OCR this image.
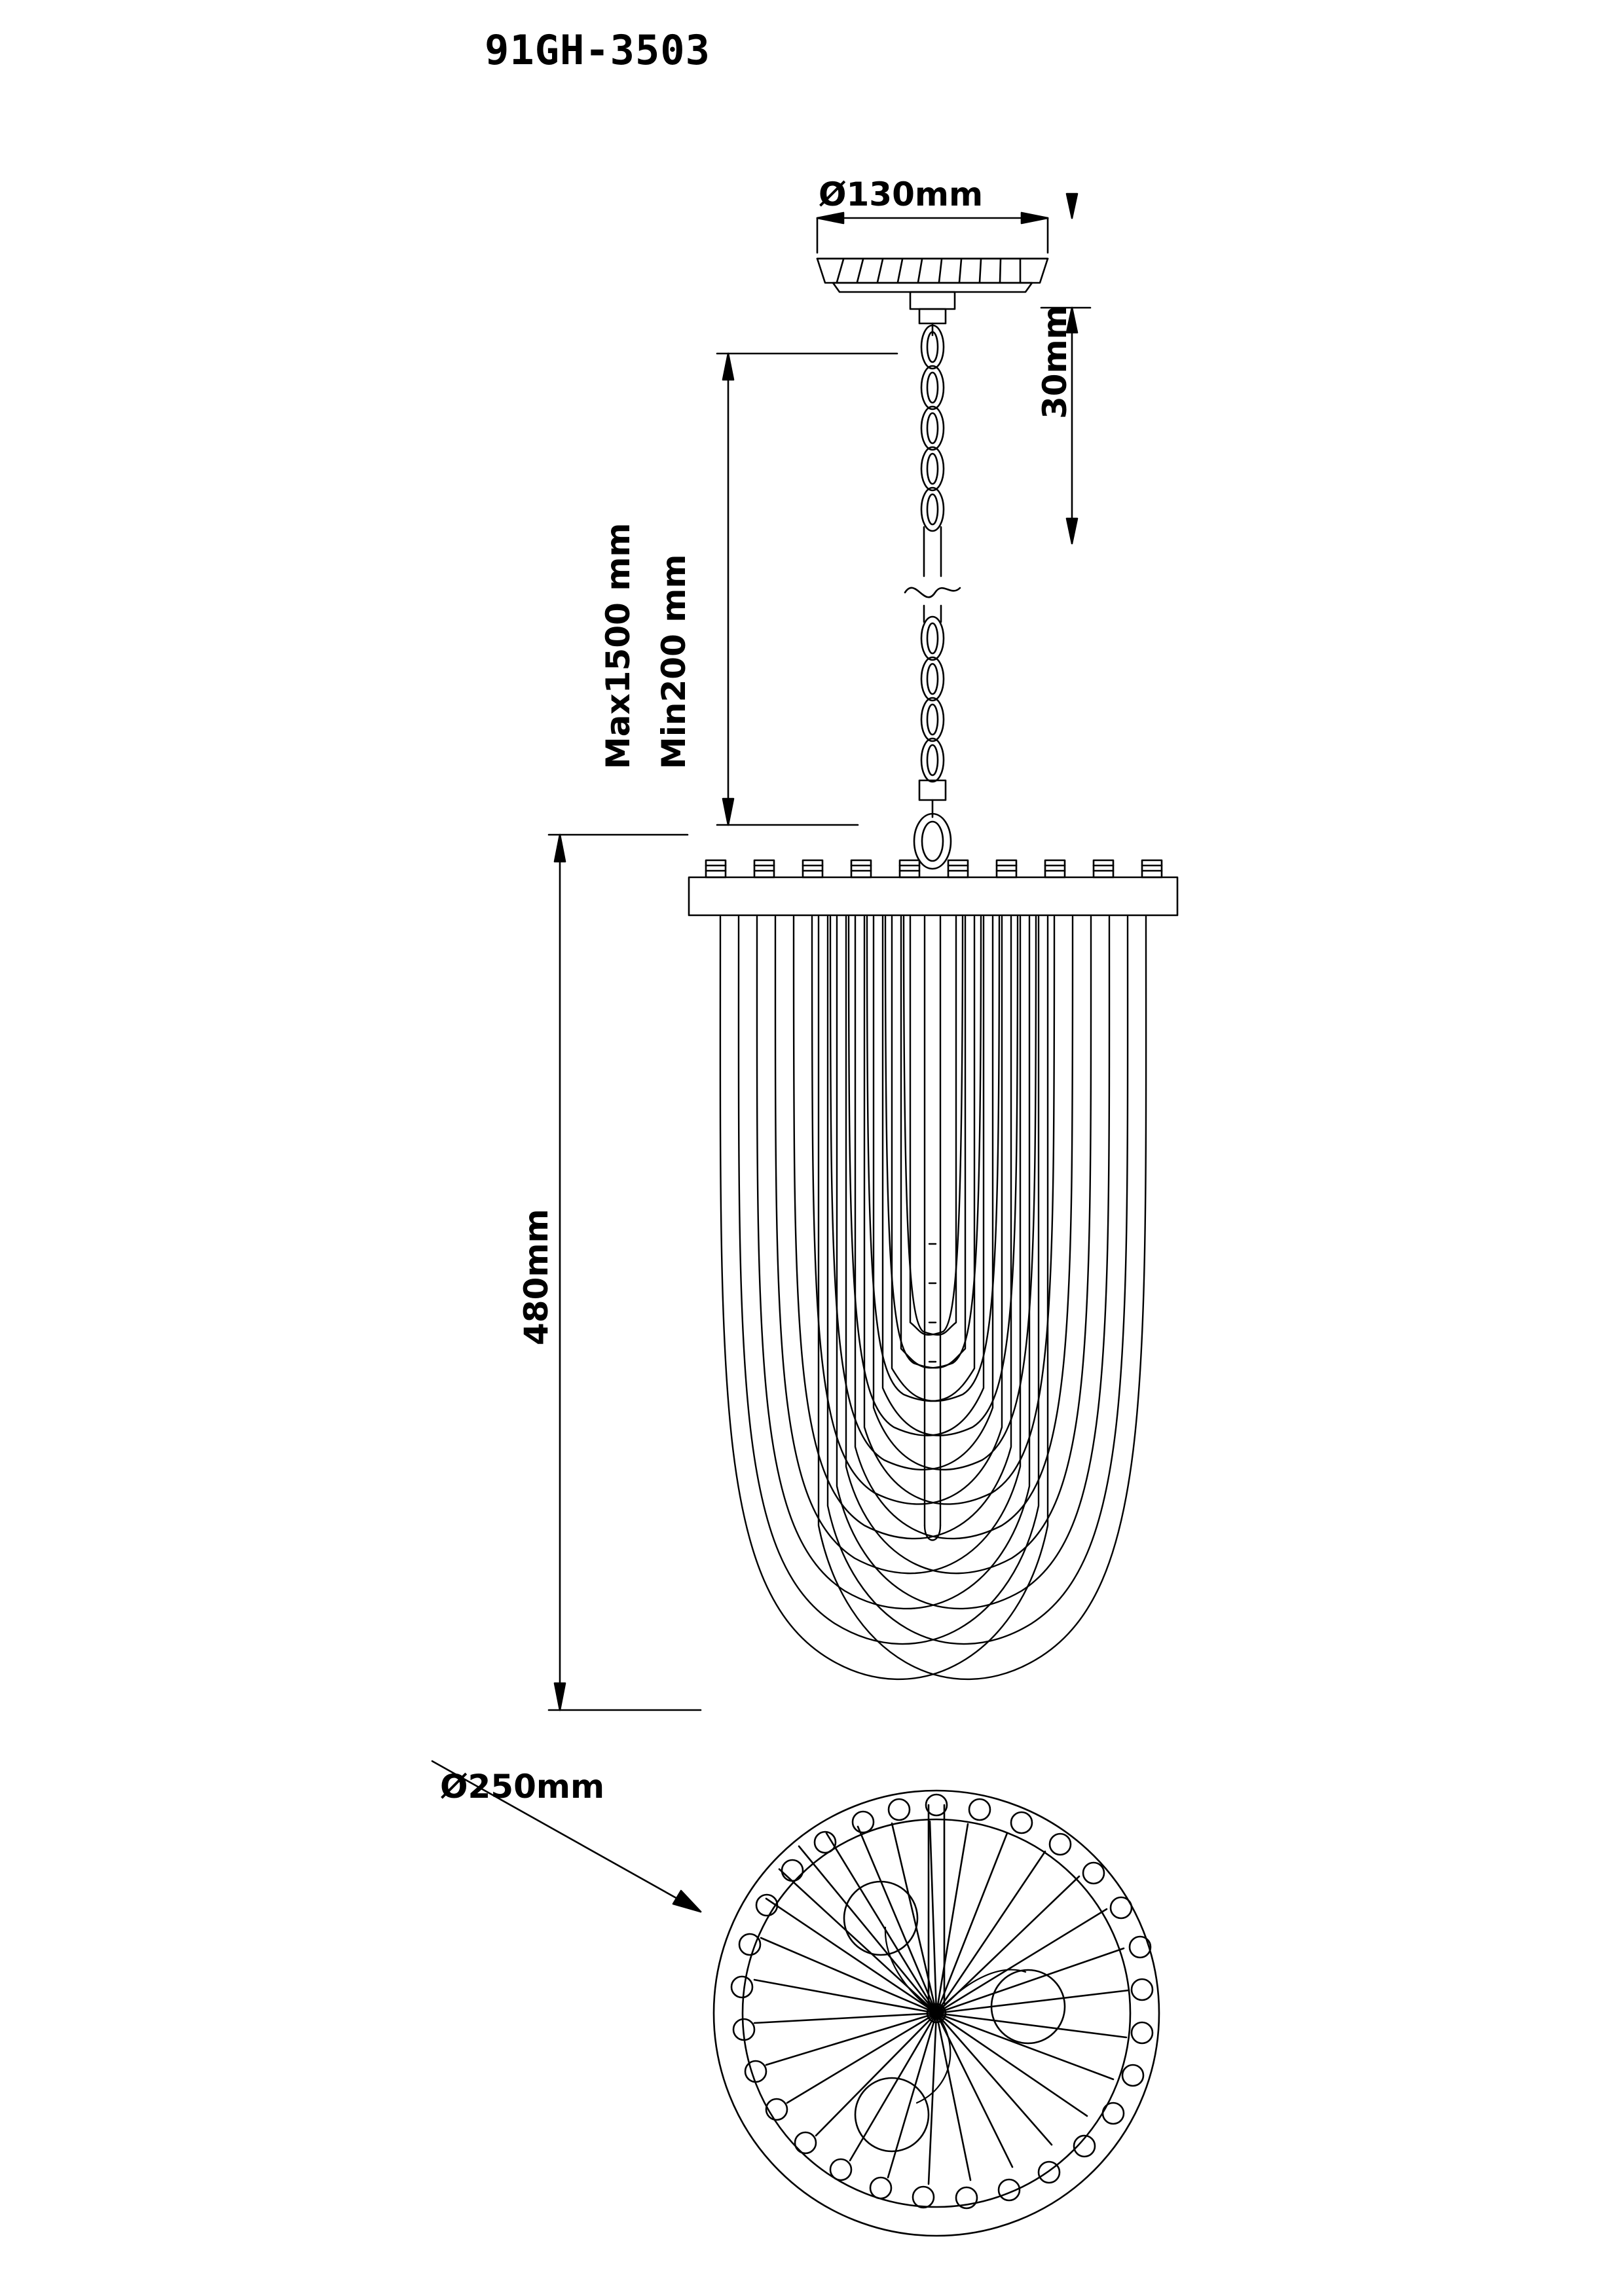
91GH-3503
Ø130mm
30mm
Max1500 mm Min200 mm
480mm
Ø250mm
